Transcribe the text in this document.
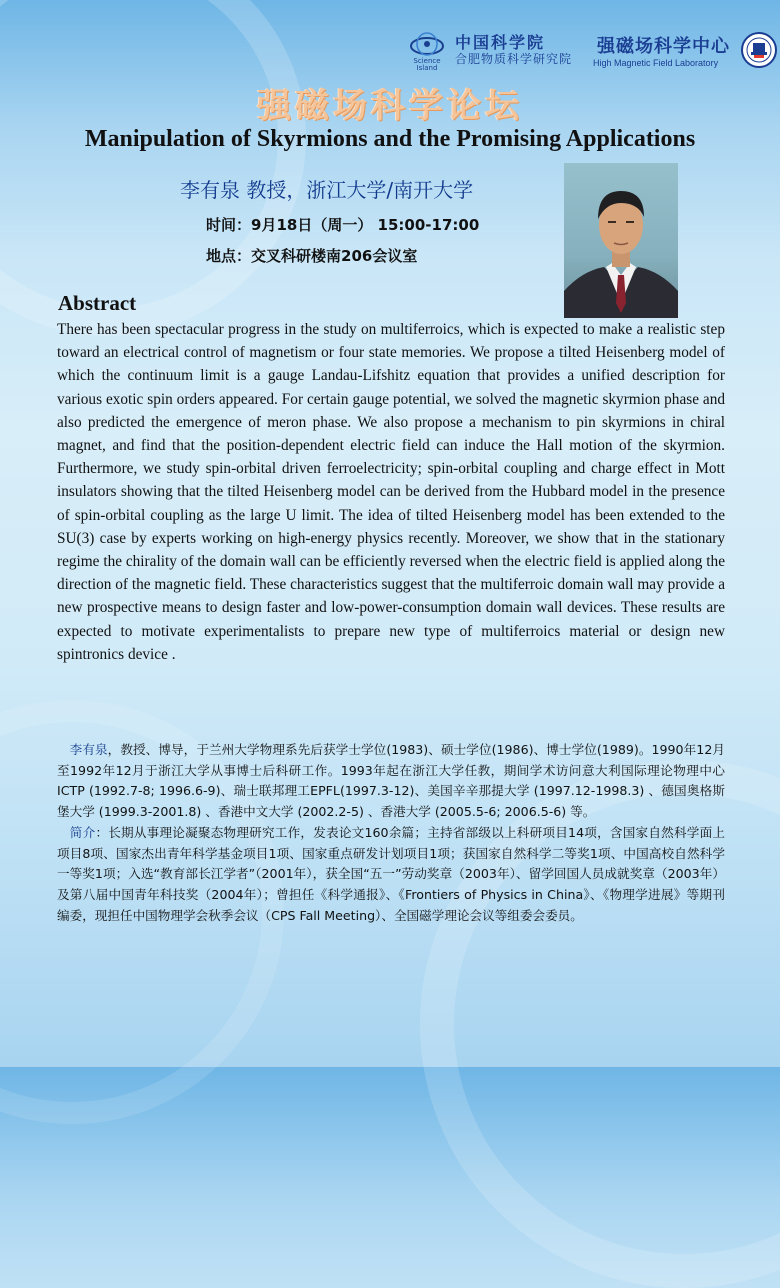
Science Island
中国科学院
合肥物质科学研究院
强磁场科学中心
High Magnetic Field Laboratory
强磁场科学论坛
Manipulation of Skyrmions and the Promising Applications
李有泉 教授，浙江大学/南开大学
时间：9月18日（周一） 15:00-17:00
地点：交叉科研楼南206会议室
Abstract

There has been spectacular progress in the study on multiferroics, which is expected to make a realistic step toward an electrical control of magnetism or four state memories. We propose a tilted Heisenberg model of which the continuum limit is a gauge Landau-Lifshitz equation that provides a unified description for various exotic spin orders appeared. For certain gauge potential, we solved the magnetic skyrmion phase and also predicted the emergence of meron phase. We also propose a mechanism to pin skyrmions in chiral magnet, and find that the position-dependent electric field can induce the Hall motion of the skyrmion. Furthermore, we study spin-orbital driven ferroelectricity; spin-orbital coupling and charge effect in Mott insulators showing that the tilted Heisenberg model can be derived from the Hubbard model in the presence of spin-orbital coupling as the large U limit. The idea of tilted Heisenberg model has been extended to the SU(3) case by experts working on high-energy physics recently. Moreover, we show that in the stationary regime the chirality of the domain wall can be efficiently reversed when the electric field is applied along the direction of the magnetic field. These characteristics suggest that the multiferroic domain wall may provide a new prospective means to design faster and low-power-consumption domain wall devices. These results are expected to motivate experimentalists to prepare new type of multiferroics material or design new spintronics device .

 李有泉，教授、博导，于兰州大学物理系先后获学士学位(1983)、硕士学位(1986)、博士学位(1989)。1990年12月至1992年12月于浙江大学从事博士后科研工作。1993年起在浙江大学任教，期间学术访问意大利国际理论物理中心ICTP (1992.7-8; 1996.6-9)、瑞士联邦理工EPFL(1997.3-12)、美国辛辛那提大学 (1997.12-1998.3) 、德国奥格斯堡大学 (1999.3-2001.8) 、香港中文大学 (2002.2-5) 、香港大学 (2005.5-6; 2006.5-6) 等。
 简介：长期从事理论凝聚态物理研究工作，发表论文160余篇；主持省部级以上科研项目14项，含国家自然科学面上项目8项、国家杰出青年科学基金项目1项、国家重点研发计划项目1项；获国家自然科学二等奖1项、中国高校自然科学一等奖1项；入选“教育部长江学者”（2001年），获全国“五一”劳动奖章（2003年）、留学回国人员成就奖章（2003年）及第八届中国青年科技奖（2004年）；曾担任《科学通报》、《Frontiers of Physics in China》、《物理学进展》等期刊编委，现担任中国物理学会秋季会议（CPS Fall Meeting）、全国磁学理论会议等组委会委员。
